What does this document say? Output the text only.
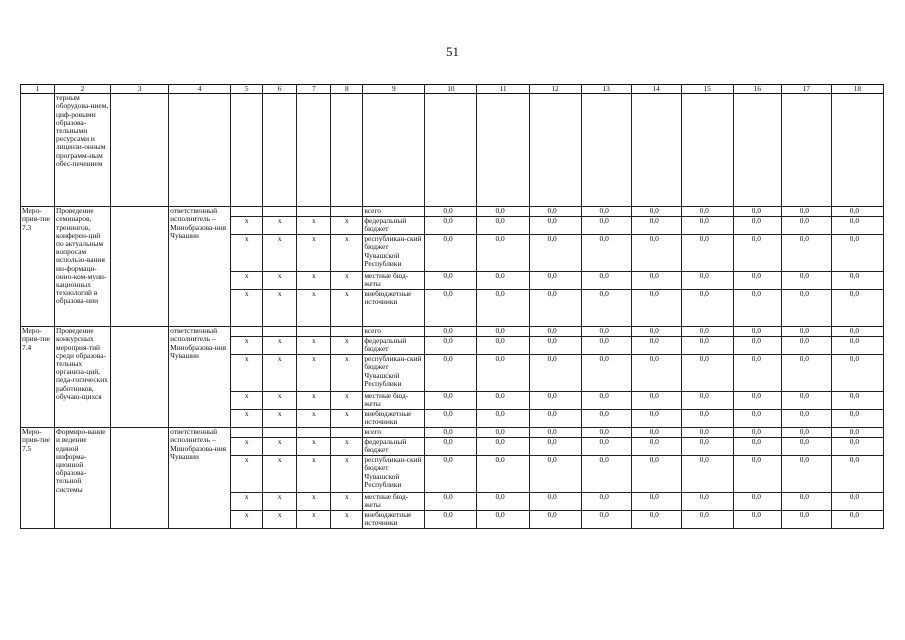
51
1	2	3	4	5	6	7	8	9	10	11	12	13	14	15	16	17	18
	терным оборудова-нием, циф-ровыми образова-тельными ресурсами и лицензи-онным программ-ным обес-печением																
Меро-прия-тие 7.3	Проведение семинаров, тренингов, конферен-ций по актуальным вопросам использо-вания ин-формаци-онно-ком-муни-кационных технологий в образова-нии		ответственный исполнитель – Минобразова-ния Чувашии					всего	0,0	0,0	0,0	0,0	0,0	0,0	0,0	0,0	0,0
				x	x	x	x	федеральный бюджет	0,0	0,0	0,0	0,0	0,0	0,0	0,0	0,0	0,0
				x	x	x	x	республикан-ский бюджет Чувашской Республики	0,0	0,0	0,0	0,0	0,0	0,0	0,0	0,0	0,0
				x	x	x	x	местные бюд-жеты	0,0	0,0	0,0	0,0	0,0	0,0	0,0	0,0	0,0
				x	x	x	x	внебюджетные источники	0,0	0,0	0,0	0,0	0,0	0,0	0,0	0,0	0,0
Меро-прия-тие 7.4	Проведение конкурсных мероприя-тий среди образова-тельных организа-ций, педа-гогических работников, обучаю-щихся		ответственный исполнитель – Минобразова-ния Чувашии					всего	0,0	0,0	0,0	0,0	0,0	0,0	0,0	0,0	0,0
				x	x	x	x	федеральный бюджет	0,0	0,0	0,0	0,0	0,0	0,0	0,0	0,0	0,0
				x	x	x	x	республикан-ский бюджет Чувашской Республики	0,0	0,0	0,0	0,0	0,0	0,0	0,0	0,0	0,0
				x	x	x	x	местные бюд-жеты	0,0	0,0	0,0	0,0	0,0	0,0	0,0	0,0	0,0
				x	x	x	x	внебюджетные источники	0,0	0,0	0,0	0,0	0,0	0,0	0,0	0,0	0,0
Меро-прия-тие 7.5	Формиро-вание и ведение единой информа-ционной образова-тельной системы		ответственный исполнитель – Минобразова-ния Чувашии					всего	0,0	0,0	0,0	0,0	0,0	0,0	0,0	0,0	0,0
				x	x	x	x	федеральный бюджет	0,0	0,0	0,0	0,0	0,0	0,0	0,0	0,0	0,0
				x	x	x	x	республикан-ский бюджет Чувашской Республики	0,0	0,0	0,0	0,0	0,0	0,0	0,0	0,0	0,0
				x	x	x	x	местные бюд-жеты	0,0	0,0	0,0	0,0	0,0	0,0	0,0	0,0	0,0
				x	x	x	x	внебюджетные источники	0,0	0,0	0,0	0,0	0,0	0,0	0,0	0,0	0,0
